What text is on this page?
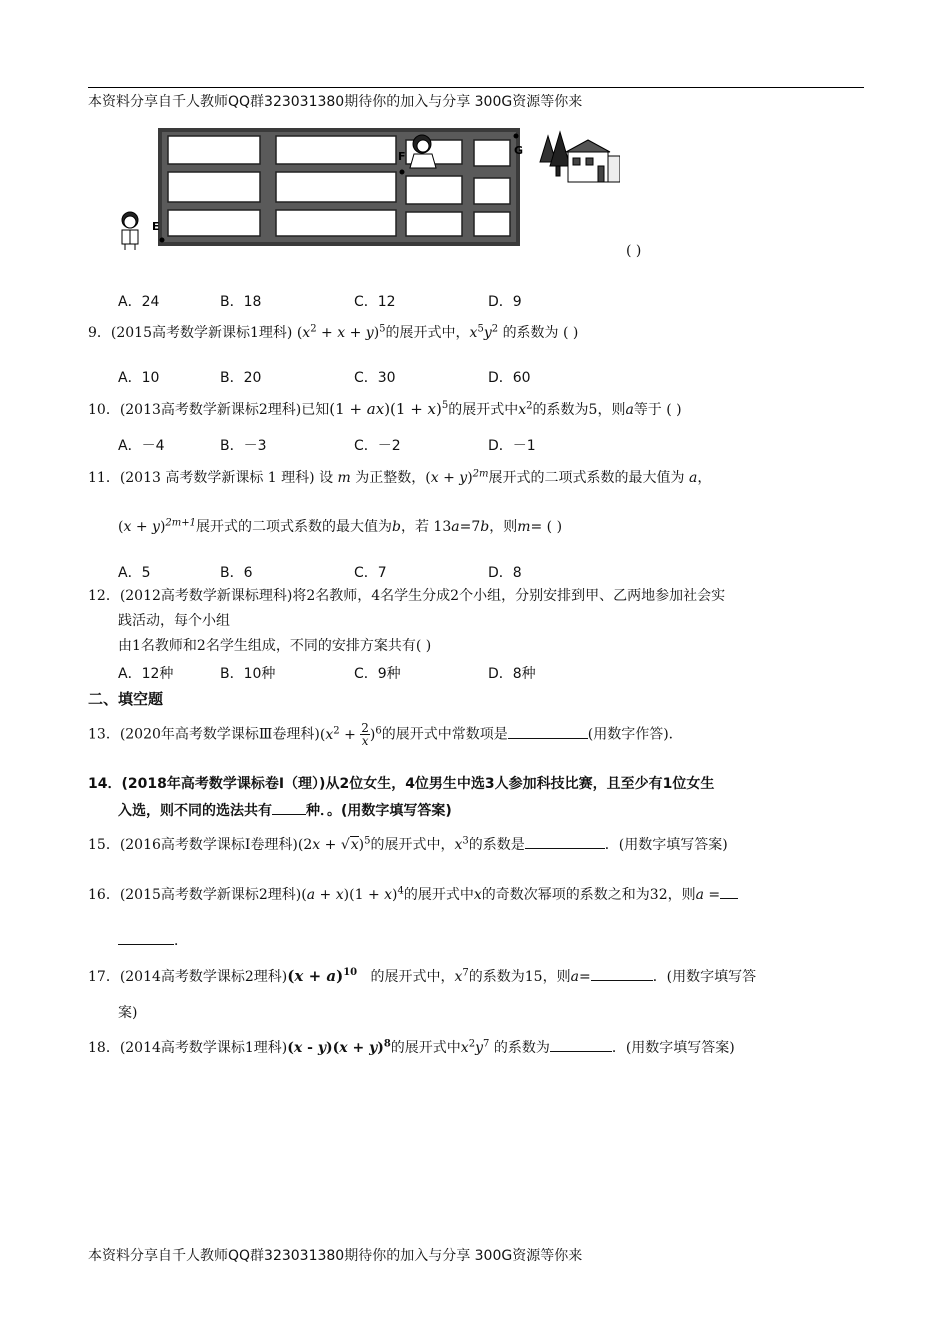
本资料分享自千人教师QQ群323031380期待你的加入与分享 300G资源等你来
E
F	G
( )
A．24	B．18	C．12	D．9
9．(2015高考数学新课标1理科) $(x^2 + x + y)^5$的展开式中，$x^5y^2$ 的系数为 ( )
A．10	B．20	C．30	D．60
10．(2013高考数学新课标2理科)已知$(1 + ax)(1 + x)^5$的展开式中$x^2$的系数为5，则a等于 ( )
A．－4	B．－3	C．－2	D．－1
11．(2013 高考数学新课标 1 理科) 设 m 为正整数，$(x + y)^{2m}$展开式的二项式系数的最大值为 a，
$(x + y)^{2m+1}$展开式的二项式系数的最大值为b，若 13a=7b，则m= ( )
A．5	B．6	C．7	D．8
12．(2012高考数学新课标理科)将2名教师，4名学生分成2个小组，分别安排到甲、乙两地参加社会实
践活动，每个小组
由1名教师和2名学生组成，不同的安排方案共有( )
A．12种	B．10种	C．9种	D．8种
二、填空题
13．(2020年高考数学课标Ⅲ卷理科)$(x^2 + \frac{2}{x} )^6$的展开式中常数项是	(用数字作答)．
14．(2018年高考数学课标卷Ⅰ（理）)从2位女生，4位男生中选3人参加科技比赛，且至少有1位女生
入选，则不同的选法共有 种．。(用数字填写答案)
15．(2016高考数学课标Ⅰ卷理科)$(2x + √x)^5$的展开式中，$x^3$的系数是	．(用数字填写答案)
16．(2015高考数学新课标2理科)$(a + x)(1 + x)^4$的展开式中x的奇数次幂项的系数之和为32，则a =
．
17．(2014高考数学课标2理科)$(x + a)^{10}$ 的展开式中，$x^7$的系数为15，则a=	．(用数字填写答
案)
18．(2014高考数学课标1理科)$(x - y)(x + y)^8$的展开式中$x^2y^7$ 的系数为	．(用数字填写答案)
本资料分享自千人教师QQ群323031380期待你的加入与分享 300G资源等你来
